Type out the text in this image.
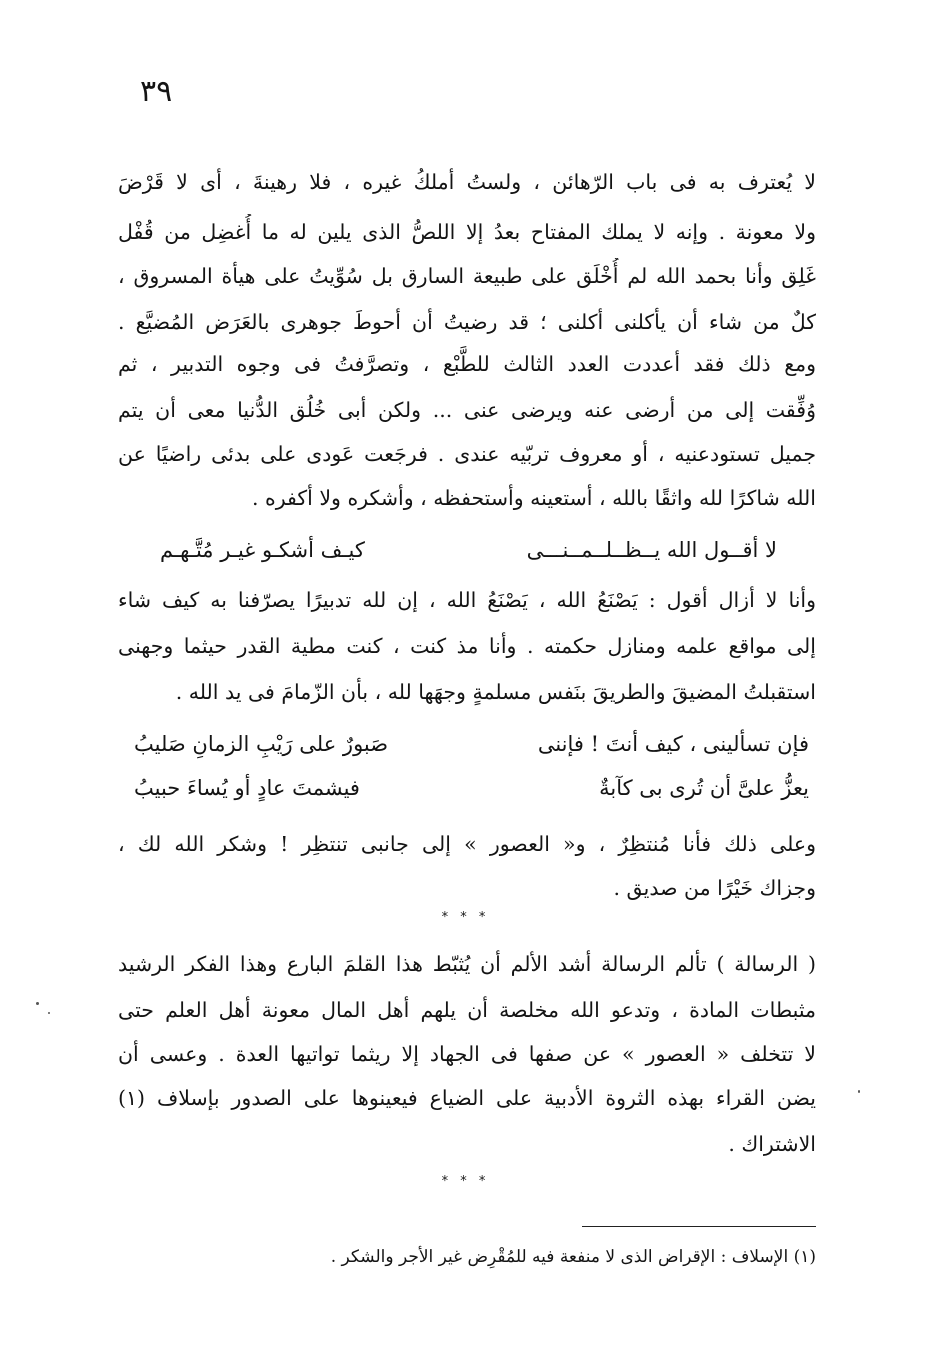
٣٩
لا يُعترف به فى باب الرّهائن ، ولستُ أملكُ غيره ، فلا رهينةَ ، أى لا قَرْضَ
ولا معونة . وإنه لا يملك المفتاح بعدُ إلا اللصُّ الذى يلين له ما أُغضِل من قُفْل
غَلِق وأنا بحمد الله لم أُخْلَق على طبيعة السارق بل سُوِّيتُ على هيأة المسروق ،
كلٌ من شاء أن يأكلنى أكلنى ؛ قد رضيتُ أن أحوطَ جوهرى بالعَرَض المُضيَّع .
ومع ذلك فقد أعددت العدد الثالث للطَّبْع ، وتصرَّفتُ فى وجوه التدبير ، ثم
وُفِّقت إلى من أرضى عنه ويرضى عنى ... ولكن أبى خُلُق الدُّنيا معى أن يتم
جميل تستودعنيه ، أو معروف تربّيه عندى . فرجَعت عَودى على بدئى راضيًا عن
الله شاكرًا لله واثقًا بالله ، أستعينه وأستحفظه ، وأشكره ولا أكفره .
لا أقــول الله يــظــلــمــنـــى
كيـف أشكـو غيـر مُتَّـهـم
وأنا لا أزال أقول : يَصْنَعُ الله ، يَصْنَعُ الله ، إن لله تدبيرًا يصرّفنا به كيف شاء
إلى مواقع علمه ومنازل حكمته . وأنا مذ كنت ، كنت مطية القدر حيثما وجهنى
استقبلتُ المضيقَ والطريقَ بنَفس مسلمةٍ وجهَها لله ، بأن الزّمامَ فى يد الله .
فإن تسألينى ، كيف أنتَ ! فإننى
صَبورٌ على رَيْبِ الزمانِ صَليبُ
يعزُّ علىَّ أن تُرى بى كآبةٌ
فيشمتَ عادٍ أو يُساءَ حبيبُ
وعلى ذلك فأنا مُنتظِرٌ ، و« العصور » إلى جانبى تنتظِر ! وشكر الله لك ،
وجزاك خَيْرًا من صديق .
* * *
( الرسالة ) تألم الرسالة أشد الألم أن يُثبّط هذا القلمَ البارع وهذا الفكر الرشيد
مثبطات المادة ، وتدعو الله مخلصة أن يلهم أهل المال معونة أهل العلم حتى
لا تتخلف « العصور » عن صفها فى الجهاد إلا ريثما تواتيها العدة . وعسى أن
يضن القراء بهذه الثروة الأدبية على الضياع فيعينوها على الصدور بإسلاف (١)
الاشتراك .
* * *
(١) الإسلاف : الإقراض الذى لا منفعة فيه للمُقْرِض غير الأجر والشكر .
